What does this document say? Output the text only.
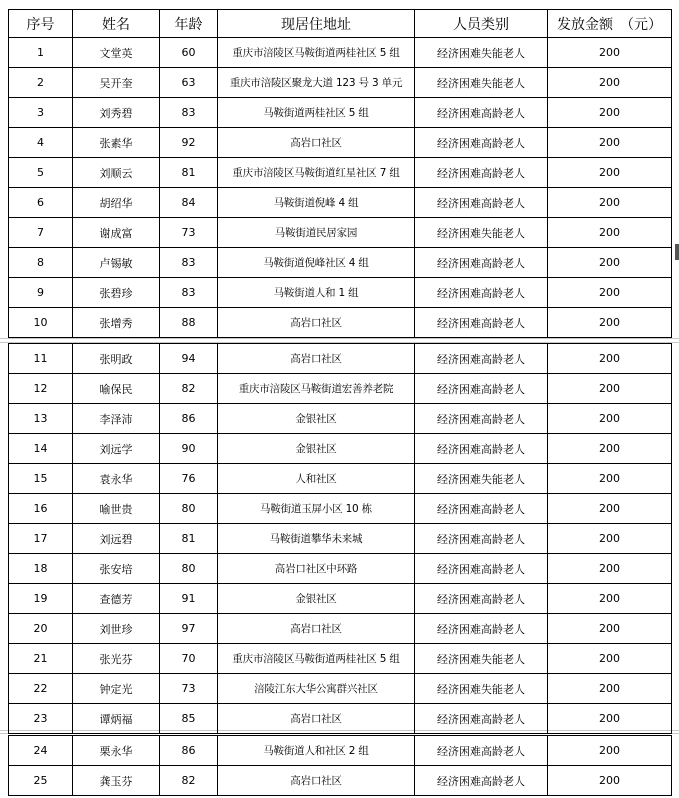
序号	姓名	年龄	现居住地址	人员类别	发放金额　（元）
1	文堂英	60	重庆市涪陵区马鞍街道两桂社区 5 组	经济困难失能老人	200
2	吴开奎	63	重庆市涪陵区聚龙大道 123 号 3 单元	经济困难失能老人	200
3	刘秀碧	83	马鞍街道两桂社区 5 组	经济困难高龄老人	200
4	张素华	92	高岩口社区	经济困难高龄老人	200
5	刘顺云	81	重庆市涪陵区马鞍街道红星社区 7 组	经济困难高龄老人	200
6	胡绍华	84	马鞍街道倪峰 4 组	经济困难高龄老人	200
7	谢成富	73	马鞍街道民居家园	经济困难失能老人	200
8	卢锡敏	83	马鞍街道倪峰社区 4 组	经济困难高龄老人	200
9	张碧珍	83	马鞍街道人和 1 组	经济困难高龄老人	200
10	张增秀	88	高岩口社区	经济困难高龄老人	200
11	张明政	94	高岩口社区	经济困难高龄老人	200
12	喻保民	82	重庆市涪陵区马鞍街道宏善养老院	经济困难高龄老人	200
13	李泽沛	86	金银社区	经济困难高龄老人	200
14	刘远学	90	金银社区	经济困难高龄老人	200
15	袁永华	76	人和社区	经济困难失能老人	200
16	喻世贵	80	马鞍街道玉屏小区 10 栋	经济困难高龄老人	200
17	刘远碧	81	马鞍街道攀华未来城	经济困难高龄老人	200
18	张安培	80	高岩口社区中环路	经济困难高龄老人	200
19	查德芳	91	金银社区	经济困难高龄老人	200
20	刘世珍	97	高岩口社区	经济困难高龄老人	200
21	张光芬	70	重庆市涪陵区马鞍街道两桂社区 5 组	经济困难失能老人	200
22	钟定光	73	涪陵江东大华公寓群兴社区	经济困难失能老人	200
23	谭炳福	85	高岩口社区	经济困难高龄老人	200
24	栗永华	86	马鞍街道人和社区 2 组	经济困难高龄老人	200
25	龚玉芬	82	高岩口社区	经济困难高龄老人	200
